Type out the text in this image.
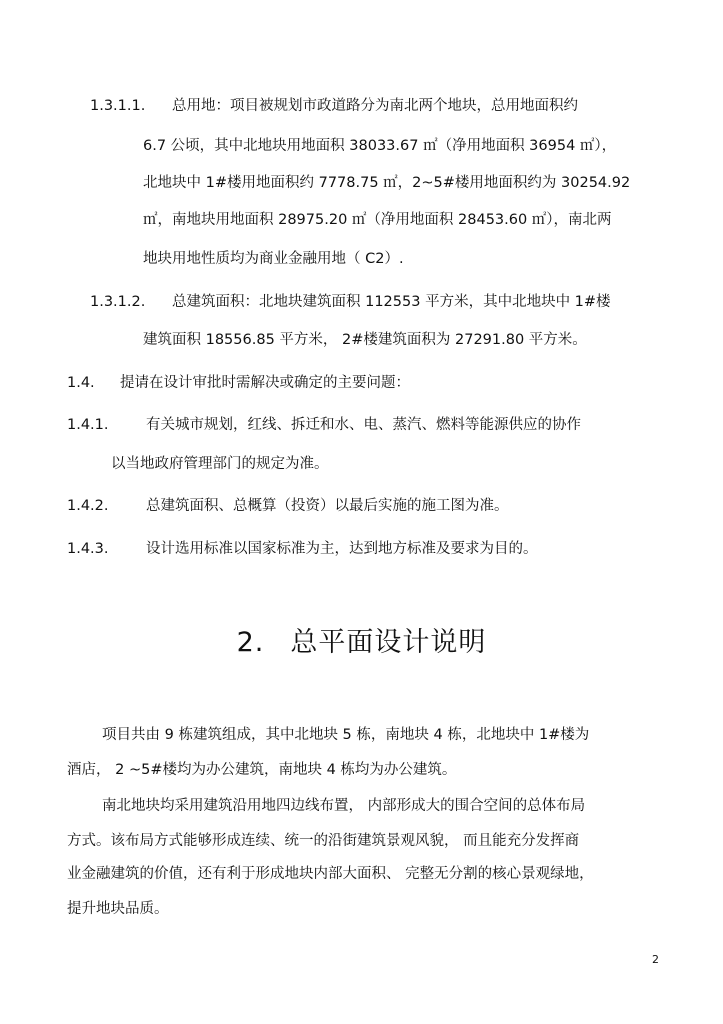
1.3.1.1. 总用地：项目被规划市政道路分为南北两个地块，总用地面积约
6.7 公顷，其中北地块用地面积 38033.67 ㎡（净用地面积 36954 ㎡），
北地块中 1#楼用地面积约 7778.75 ㎡，2~5#楼用地面积约为 30254.92
㎡，南地块用地面积 28975.20 ㎡（净用地面积 28453.60 ㎡），南北两
地块用地性质均为商业金融用地（ C2）.
1.3.1.2. 总建筑面积：北地块建筑面积 112553 平方米，其中北地块中 1#楼
建筑面积 18556.85 平方米， 2#楼建筑面积为 27291.80 平方米。
1.4. 提请在设计审批时需解决或确定的主要问题：
1.4.1.	有关城市规划，红线、拆迁和水、电、蒸汽、燃料等能源供应的协作
以当地政府管理部门的规定为准。
1.4.2.	总建筑面积、总概算（投资）以最后实施的施工图为准。
1.4.3.	设计选用标准以国家标准为主，达到地方标准及要求为目的。
2. 总平面设计说明
项目共由 9 栋建筑组成，其中北地块 5 栋，南地块 4 栋，北地块中 1#楼为
酒店， 2 ~5#楼均为办公建筑，南地块 4 栋均为办公建筑。
南北地块均采用建筑沿用地四边线布置， 内部形成大的围合空间的总体布局
方式。该布局方式能够形成连续、统一的沿街建筑景观风貌， 而且能充分发挥商
业金融建筑的价值，还有利于形成地块内部大面积、 完整无分割的核心景观绿地，
提升地块品质。
2
